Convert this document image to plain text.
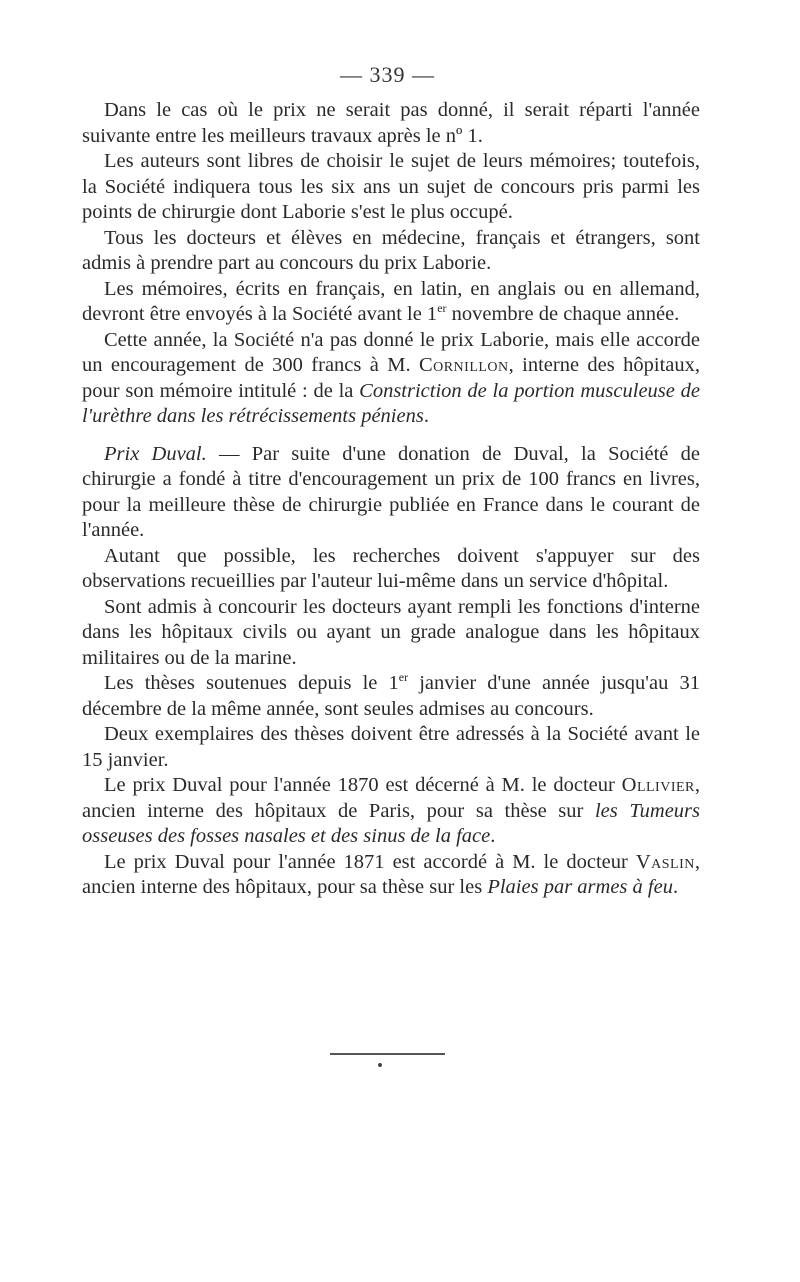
— 339 —

Dans le cas où le prix ne serait pas donné, il serait réparti l'année suivante entre les meilleurs travaux après le nº 1.

Les auteurs sont libres de choisir le sujet de leurs mémoires; toutefois, la Société indiquera tous les six ans un sujet de concours pris parmi les points de chirurgie dont Laborie s'est le plus occupé.

Tous les docteurs et élèves en médecine, français et étrangers, sont admis à prendre part au concours du prix Laborie.

Les mémoires, écrits en français, en latin, en anglais ou en allemand, devront être envoyés à la Société avant le 1er novembre de chaque année.

Cette année, la Société n'a pas donné le prix Laborie, mais elle accorde un encouragement de 300 francs à M. Cornillon, interne des hôpitaux, pour son mémoire intitulé : de la Constriction de la portion musculeuse de l'urèthre dans les rétrécissements péniens.

Prix Duval. — Par suite d'une donation de Duval, la Société de chirurgie a fondé à titre d'encouragement un prix de 100 francs en livres, pour la meilleure thèse de chirurgie publiée en France dans le courant de l'année.

Autant que possible, les recherches doivent s'appuyer sur des observations recueillies par l'auteur lui-même dans un service d'hôpital.

Sont admis à concourir les docteurs ayant rempli les fonctions d'interne dans les hôpitaux civils ou ayant un grade analogue dans les hôpitaux militaires ou de la marine.

Les thèses soutenues depuis le 1er janvier d'une année jusqu'au 31 décembre de la même année, sont seules admises au concours.

Deux exemplaires des thèses doivent être adressés à la Société avant le 15 janvier.

Le prix Duval pour l'année 1870 est décerné à M. le docteur Ollivier, ancien interne des hôpitaux de Paris, pour sa thèse sur les Tumeurs osseuses des fosses nasales et des sinus de la face.

Le prix Duval pour l'année 1871 est accordé à M. le docteur Vaslin, ancien interne des hôpitaux, pour sa thèse sur les Plaies par armes à feu.
